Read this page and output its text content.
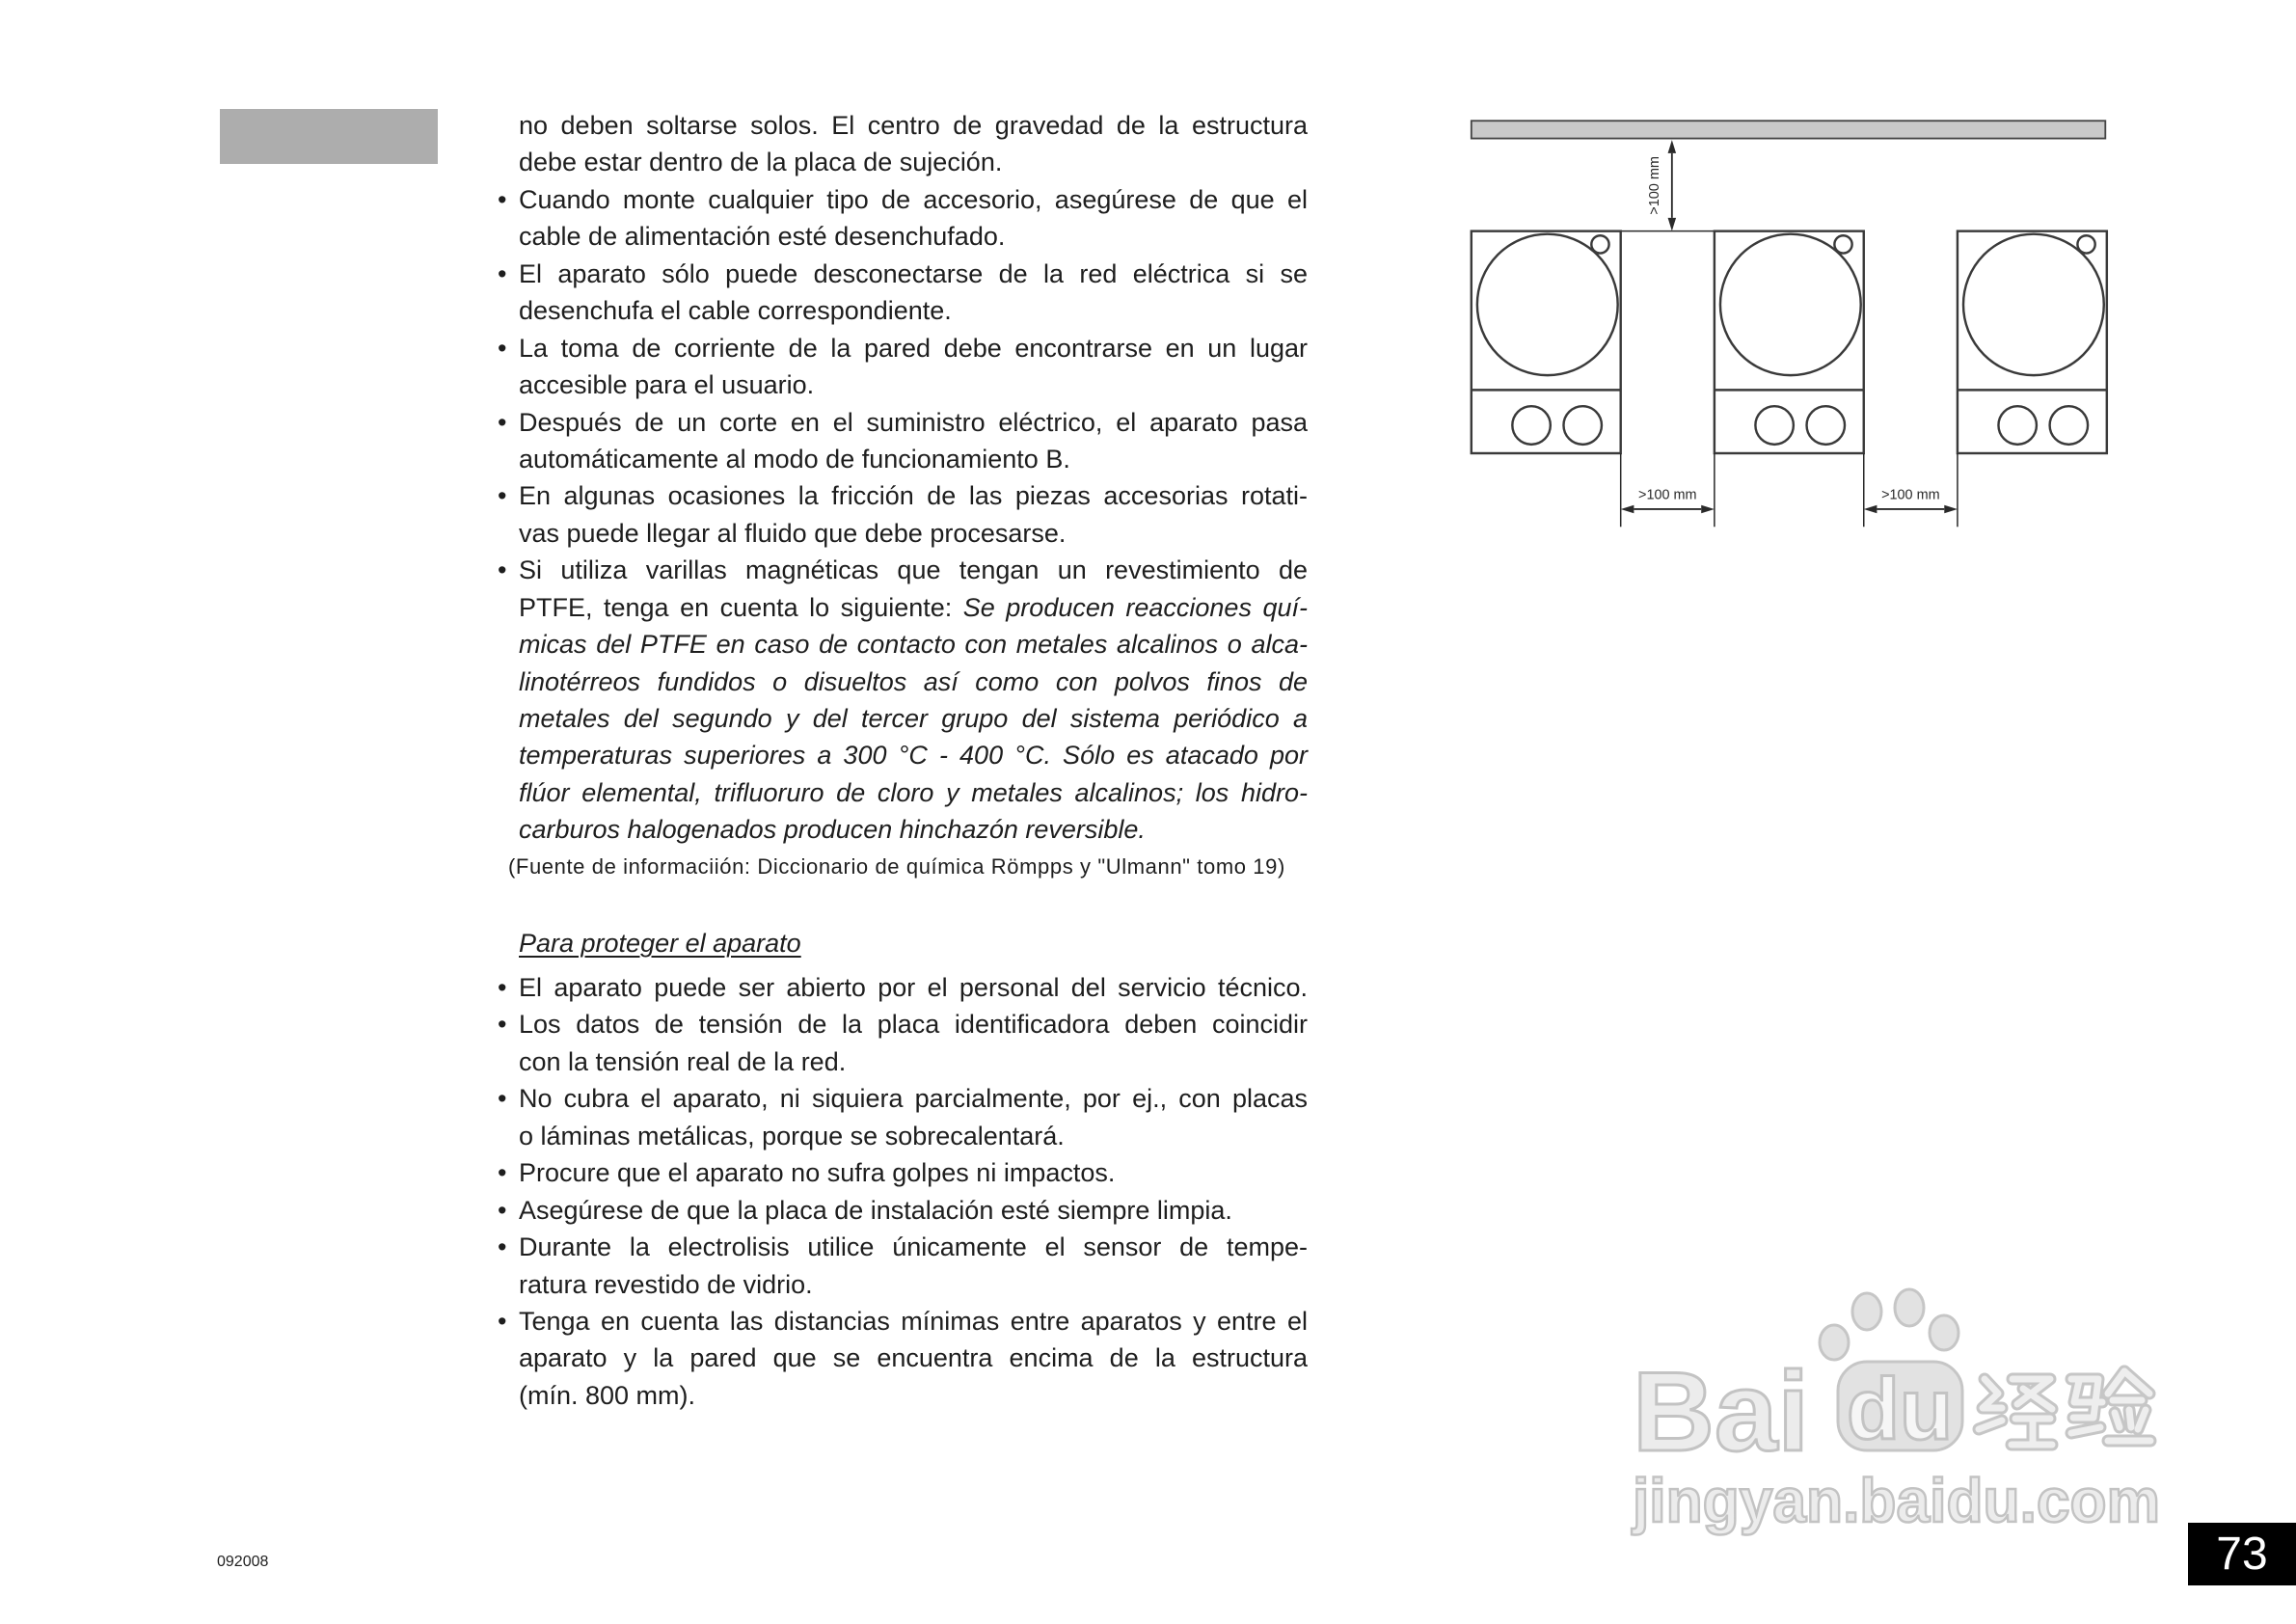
no deben soltarse solos. El centro de gravedad de la estructura
debe estar dentro de la placa de sujeción.
• Cuando monte cualquier tipo de accesorio, asegúrese de que el
cable de alimentación esté desenchufado.
• El aparato sólo puede desconectarse de la red eléctrica si se
desenchufa el cable correspondiente.
• La toma de corriente de la pared debe encontrarse en un lugar
accesible para el usuario.
• Después de un corte en el suministro eléctrico, el aparato pasa
automáticamente al modo de funcionamiento B.
• En algunas ocasiones la fricción de las piezas accesorias rotati-
vas puede llegar al fluido que debe procesarse.
• Si utiliza varillas magnéticas que tengan un revestimiento de
PTFE, tenga en cuenta lo siguiente: Se producen reacciones quí-
micas del PTFE en caso de contacto con metales alcalinos o alca-
linotérreos fundidos o disueltos así como con polvos finos de
metales del segundo y del tercer grupo del sistema periódico a
temperaturas superiores a 300 °C - 400 °C. Sólo es atacado por
flúor elemental, trifluoruro de cloro y metales alcalinos; los hidro-
carburos halogenados producen hinchazón reversible.
(Fuente de informaciión: Diccionario de química Römpps y "Ulmann" tomo 19)
Para proteger el aparato
• El aparato puede ser abierto por el personal del servicio técnico.
• Los datos de tensión de la placa identificadora deben coincidir
con la tensión real de la red.
• No cubra el aparato, ni siquiera parcialmente, por ej., con placas
o láminas metálicas, porque se sobrecalentará.
• Procure que el aparato no sufra golpes ni impactos.
• Asegúrese de que la placa de instalación esté siempre limpia.
• Durante la electrolisis utilice únicamente el sensor de tempe-
ratura revestido de vidrio.
• Tenga en cuenta las distancias mínimas entre aparatos y entre el
aparato y la pared que se encuentra encima de la estructura
(mín. 800 mm).
>100 mm
>100 mm	>100 mm
Bai du
jingyan.baidu.com
092008	73
